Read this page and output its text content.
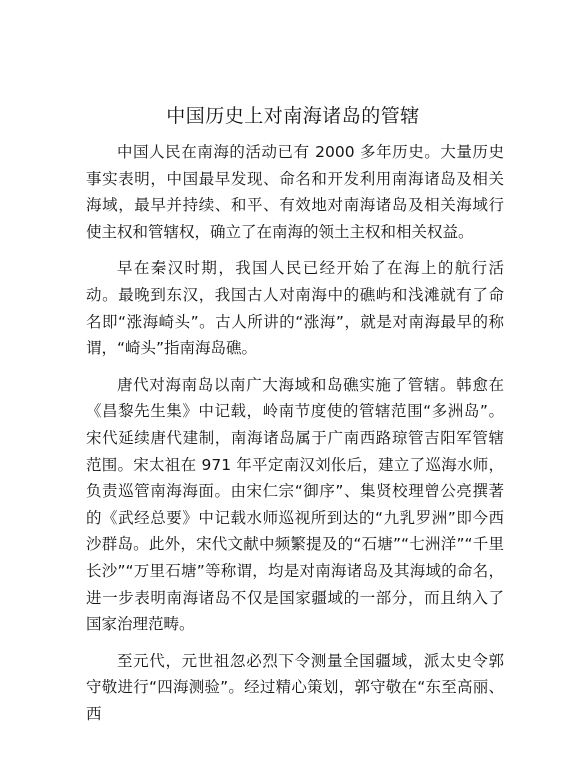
中国历史上对南海诸岛的管辖

中国人民在南海的活动已有 2000 多年历史。大量历史事实表明，中国最早发现、命名和开发利用南海诸岛及相关海域，最早并持续、和平、有效地对南海诸岛及相关海域行使主权和管辖权，确立了在南海的领土主权和相关权益。

早在秦汉时期，我国人民已经开始了在海上的航行活动。最晚到东汉，我国古人对南海中的礁屿和浅滩就有了命名即“涨海崎头”。古人所讲的“涨海”，就是对南海最早的称谓，“崎头”指南海岛礁。

唐代对海南岛以南广大海域和岛礁实施了管辖。韩愈在《昌黎先生集》中记载，岭南节度使的管辖范围“多洲岛”。宋代延续唐代建制，南海诸岛属于广南西路琼管吉阳军管辖范围。宋太祖在 971 年平定南汉刘伥后，建立了巡海水师，负责巡管南海海面。由宋仁宗“御序”、集贤校理曾公亮撰著的《武经总要》中记载水师巡视所到达的“九乳罗洲”即今西沙群岛。此外，宋代文献中频繁提及的“石塘”“七洲洋”“千里长沙”“万里石塘”等称谓，均是对南海诸岛及其海域的命名，进一步表明南海诸岛不仅是国家疆域的一部分，而且纳入了国家治理范畴。

至元代，元世祖忽必烈下令测量全国疆域，派太史令郭守敬进行“四海测验”。经过精心策划，郭守敬在“东至高丽、西
